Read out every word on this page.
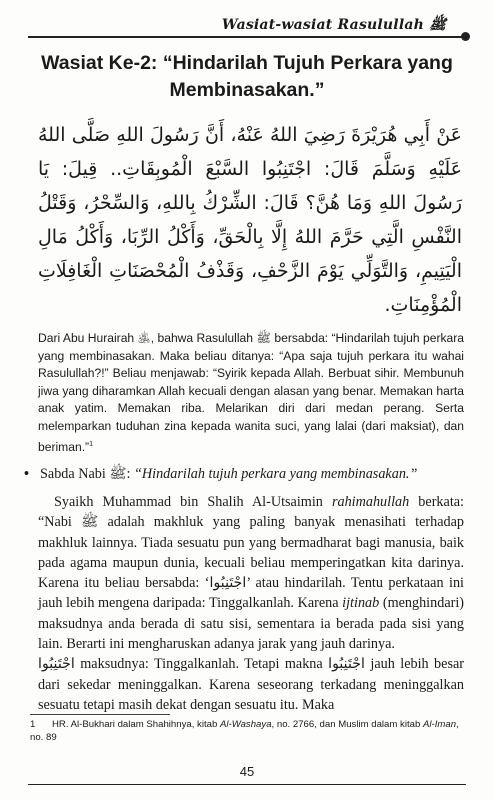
Wasiat-wasiat Rasulullah ﷺ
Wasiat Ke-2: “Hindarilah Tujuh Perkara yang Membinasakan.”
عَنْ أَبِي هُرَيْرَةَ رَضِيَ اللهُ عَنْهُ، أَنَّ رَسُولَ اللهِ صَلَّى اللهُ عَلَيْهِ وَسَلَّمَ قَالَ: اجْتَنِبُوا السَّبْعَ الْمُوبِقَاتِ.. قِيلَ: يَا رَسُولَ اللهِ وَمَا هُنَّ؟ قَالَ: الشِّرْكُ بِاللهِ، وَالسِّحْرُ، وَقَتْلُ النَّفْسِ الَّتِي حَرَّمَ اللهُ إِلَّا بِالْحَقِّ، وَأَكْلُ الرِّبَا، وَأَكْلُ مَالِ الْيَتِيمِ، وَالتَّوَلِّي يَوْمَ الزَّحْفِ، وَقَذْفُ الْمُحْصَنَاتِ الْغَافِلَاتِ الْمُؤْمِنَاتِ.
Dari Abu Hurairah ﵁, bahwa Rasulullah ﷺ bersabda: “Hindarilah tujuh perkara yang membinasakan. Maka beliau ditanya: “Apa saja tujuh perkara itu wahai Rasulullah?!” Beliau menjawab: “Syirik kepada Allah. Berbuat sihir. Membunuh jiwa yang diharamkan Allah kecuali dengan alasan yang benar. Memakan harta anak yatim. Memakan riba. Melarikan diri dari medan perang. Serta melemparkan tuduhan zina kepada wanita suci, yang lalai (dari maksiat), dan beriman.”$^1$
• Sabda Nabi ﷺ: “Hindarilah tujuh perkara yang membinasakan.”

Syaikh Muhammad bin Shalih Al-Utsaimin rahimahullah berkata: “Nabi ﷺ adalah makhluk yang paling banyak menasihati terhadap makhluk lainnya. Tiada sesuatu pun yang bermadharat bagi manusia, baik pada agama maupun dunia, kecuali beliau memperingatkan kita darinya. Karena itu beliau bersabda: ‘اجْتَنِبُوا’ atau hindarilah. Tentu perkataan ini jauh lebih mengena daripada: Tinggalkanlah. Karena ijtinab (menghindari) maksudnya anda berada di satu sisi, sementara ia berada pada sisi yang lain. Berarti ini mengharuskan adanya jarak yang jauh darinya.

اجْتَنِبُوا maksudnya: Tinggalkanlah. Tetapi makna اجْتَنِبُوا jauh lebih besar dari sekedar meninggalkan. Karena seseorang terkadang meninggalkan sesuatu tetapi masih dekat dengan sesuatu itu. Maka

1 HR. Al-Bukhari dalam Shahihnya, kitab Al-Washaya, no. 2766, dan Muslim dalam kitab Al-Iman, no. 89
45
